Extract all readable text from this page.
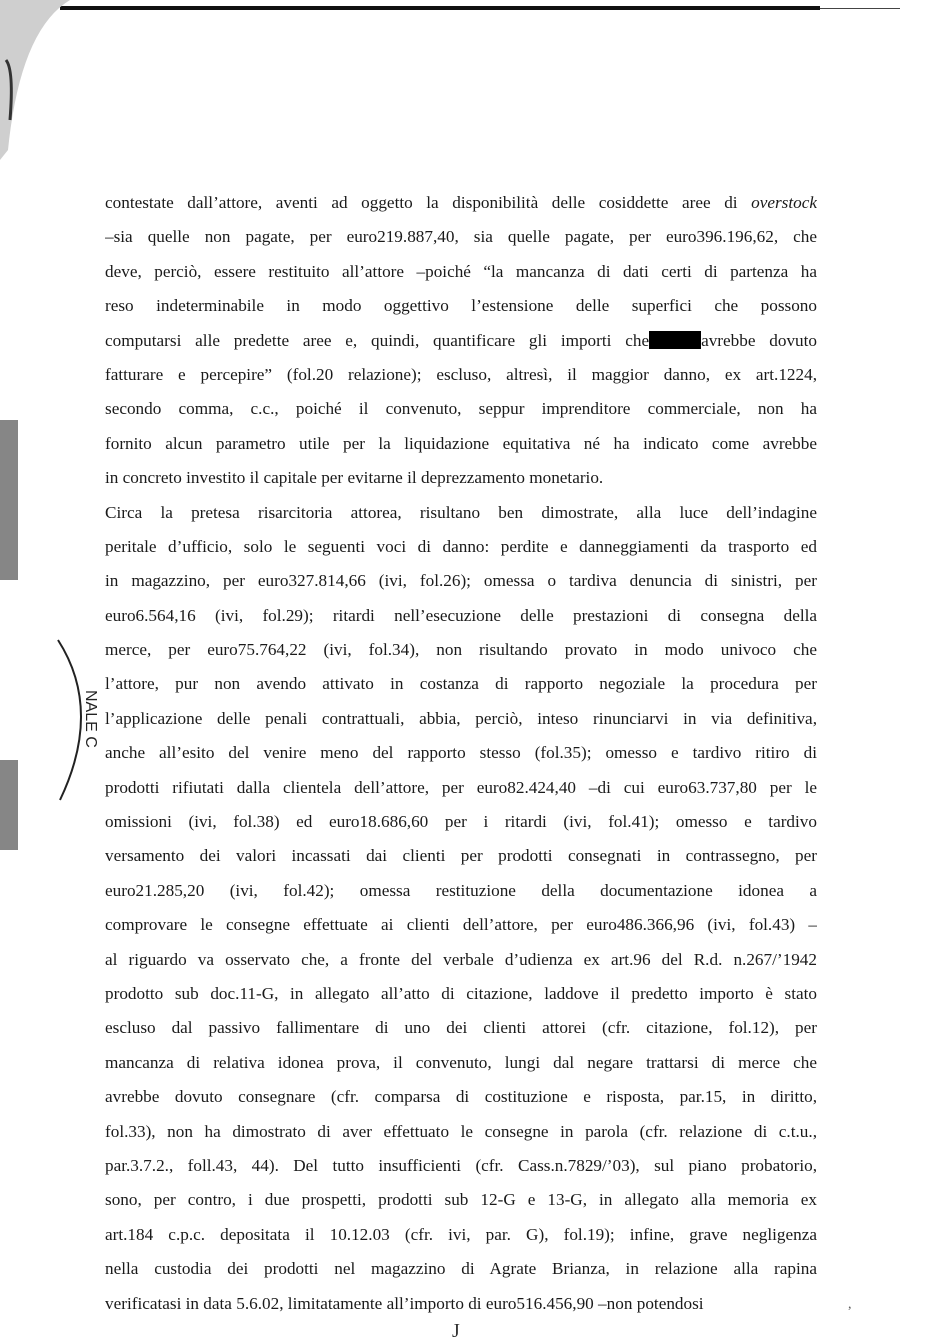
NALE C
contestate dall’attore, aventi ad oggetto la disponibilità delle cosiddette aree di overstock
–sia quelle non pagate, per euro219.887,40, sia quelle pagate, per euro396.196,62, che
deve, perciò, essere restituito all’attore –poiché “la mancanza di dati certi di partenza ha
reso indeterminabile in modo oggettivo l’estensione delle superfici che possono
computarsi alle predette aree e, quindi, quantificare gli importi che	avrebbe dovuto
fatturare e percepire” (fol.20 relazione); escluso, altresì, il maggior danno, ex art.1224,
secondo comma, c.c., poiché il convenuto, seppur imprenditore commerciale, non ha
fornito alcun parametro utile per la liquidazione equitativa né ha indicato come avrebbe
in concreto investito il capitale per evitarne il deprezzamento monetario.
Circa la pretesa risarcitoria attorea, risultano ben dimostrate, alla luce dell’indagine
peritale d’ufficio, solo le seguenti voci di danno: perdite e danneggiamenti da trasporto ed
in magazzino, per euro327.814,66 (ivi, fol.26); omessa o tardiva denuncia di sinistri, per
euro6.564,16 (ivi, fol.29); ritardi nell’esecuzione delle prestazioni di consegna della
merce, per euro75.764,22 (ivi, fol.34), non risultando provato in modo univoco che
l’attore, pur non avendo attivato in costanza di rapporto negoziale la procedura per
l’applicazione delle penali contrattuali, abbia, perciò, inteso rinunciarvi in via definitiva,
anche all’esito del venire meno del rapporto stesso (fol.35); omesso e tardivo ritiro di
prodotti rifiutati dalla clientela dell’attore, per euro82.424,40 –di cui euro63.737,80 per le
omissioni (ivi, fol.38) ed euro18.686,60 per i ritardi (ivi, fol.41); omesso e tardivo
versamento dei valori incassati dai clienti per prodotti consegnati in contrassegno, per
euro21.285,20 (ivi, fol.42); omessa restituzione della documentazione idonea a
comprovare le consegne effettuate ai clienti dell’attore, per euro486.366,96 (ivi, fol.43) –
al riguardo va osservato che, a fronte del verbale d’udienza ex art.96 del R.d. n.267/’1942
prodotto sub doc.11-G, in allegato all’atto di citazione, laddove il predetto importo è stato
escluso dal passivo fallimentare di uno dei clienti attorei (cfr. citazione, fol.12), per
mancanza di relativa idonea prova, il convenuto, lungi dal negare trattarsi di merce che
avrebbe dovuto consegnare (cfr. comparsa di costituzione e risposta, par.15, in diritto,
fol.33), non ha dimostrato di aver effettuato le consegne in parola (cfr. relazione di c.t.u.,
par.3.7.2., foll.43, 44). Del tutto insufficienti (cfr. Cass.n.7829/’03), sul piano probatorio,
sono, per contro, i due prospetti, prodotti sub 12-G e 13-G, in allegato alla memoria ex
art.184 c.p.c. depositata il 10.12.03 (cfr. ivi, par. G), fol.19); infine, grave negligenza
nella custodia dei prodotti nel magazzino di Agrate Brianza, in relazione alla rapina
verificatasi in data 5.6.02, limitatamente all’importo di euro516.456,90 –non potendosi
J
,
